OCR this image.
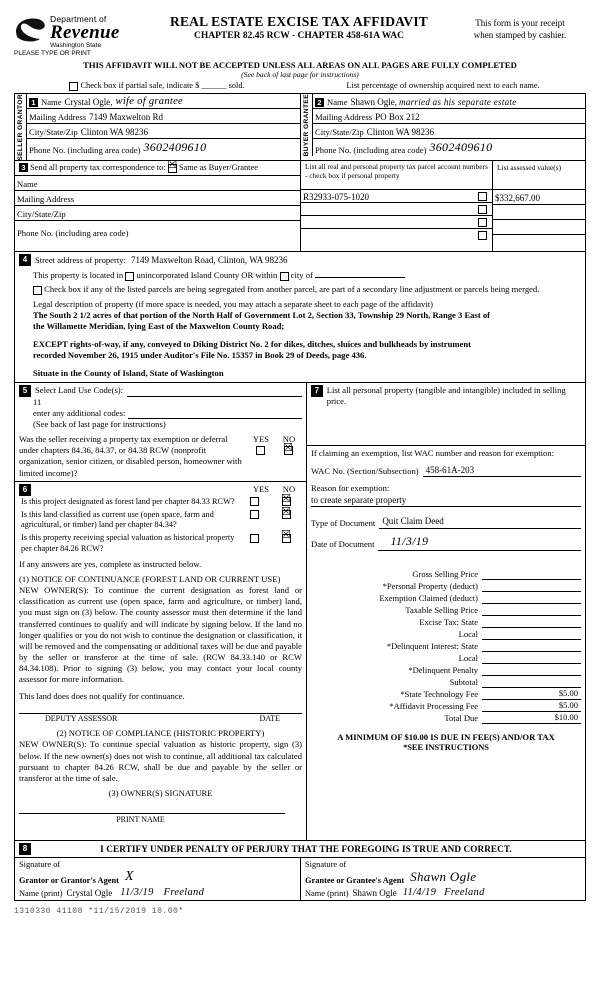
Department of
Revenue
Washington State
PLEASE TYPE OR PRINT
REAL ESTATE EXCISE TAX AFFIDAVIT
CHAPTER 82.45 RCW - CHAPTER 458-61A WAC
This form is your receipt
when stamped by cashier.
THIS AFFIDAVIT WILL NOT BE ACCEPTED UNLESS ALL AREAS ON ALL PAGES ARE FULLY COMPLETED
(See back of last page for instructions)
Check box if partial sale, indicate $ ______ sold.	List percentage of ownership acquired next to each name.
SELLER GRANTOR	1 Name Crystal Ogle, wife of grantee
Mailing Address 7149 Maxwelton Rd
City/State/Zip Clinton WA 98236
Phone No. (including area code) 3602409610	BUYER GRANTEE	2 Name Shawn Ogle, married as his separate estate
Mailing Address PO Box 212
City/State/Zip Clinton WA 98236
Phone No. (including area code) 3602409610
3 Send all property tax correspondence to: ☒ Same as Buyer/Grantee
Name
Mailing Address
City/State/Zip
Phone No. (including area code)
List all real and personal property tax parcel account numbers - check box if personal property
R32933-075-1020
List assessed value(s)
$332,667.00
4 Street address of property: 7149 Maxwelton Road, Clinton, WA 98236
This property is located in unincorporated Island County OR within city of
Check box if any of the listed parcels are being segregated from another parcel, are part of a secondary line adjustment or parcels being merged.
Legal description of property (if more space is needed, you may attach a separate sheet to each page of the affidavit)
The South 2 1/2 acres of that portion of the North Half of Government Lot 2, Section 33, Township 29 North, Range 3 East of
the Willamette Meridian, lying East of the Maxwelton County Road;
EXCEPT rights-of-way, if any, conveyed to Diking District No. 2 for dikes, ditches, sluices and bulkheads by instrument
recorded November 26, 1915 under Auditor's File No. 15357 in Book 29 of Deeds, page 436.
Situate in the County of Island, State of Washington
5 Select Land Use Code(s):
11
enter any additional codes:
(See back of last page for instructions)
Was the seller receiving a property tax exemption or deferral under chapters 84.36, 84.37, or 84.38 RCW (nonprofit organization, senior citizen, or disabled person, homeowner with limited income)?
YES NO
☒
6	YES NO
Is this project designated as forest land per chapter 84.33 RCW?		☒
Is this land classified as current use (open space, farm and agricultural, or timber) land per chapter 84.34?		☒
Is this property receiving special valuation as historical property per chapter 84.26 RCW?		☒
If any answers are yes, complete as instructed below.
(1) NOTICE OF CONTINUANCE (FOREST LAND OR CURRENT USE)
NEW OWNER(S): To continue the current designation as forest land or classification as current use (open space, farm and agriculture, or timber) land, you must sign on (3) below. The county assessor must then determine if the land transferred continues to qualify and will indicate by signing below. If the land no longer qualifies or you do not wish to continue the designation or classification, it will be removed and the compensating or additional taxes will be due and payable by the seller or transferor at the time of sale. (RCW 84.33.140 or RCW 84.34.108). Prior to signing (3) below, you may contact your local county assessor for more information.
This land does does not qualify for continuance.
DEPUTY ASSESSOR	DATE
(2) NOTICE OF COMPLIANCE (HISTORIC PROPERTY)
NEW OWNER(S): To continue special valuation as historic property, sign (3) below. If the new owner(s) does not wish to continue, all additional tax calculated pursuant to chapter 84.26 RCW, shall be due and payable by the seller or transferor at the time of sale.
(3) OWNER(S) SIGNATURE
PRINT NAME
7 List all personal property (tangible and intangible) included in selling price.
If claiming an exemption, list WAC number and reason for exemption:
WAC No. (Section/Subsection) 458-61A-203
Reason for exemption:
to create separate property
Type of Document Quit Claim Deed
Date of Document	11/3/19
Gross Selling Price
*Personal Property (deduct)
Exemption Claimed (deduct)
Taxable Selling Price
Excise Tax: State
Local
*Delinquent Interest: State
Local
*Delinquent Penalty
Subtotal
*State Technology Fee	$5.00
*Affidavit Processing Fee	$5.00
Total Due	$10.00
A MINIMUM OF $10.00 IS DUE IN FEE(S) AND/OR TAX
*SEE INSTRUCTIONS
8	I CERTIFY UNDER PENALTY OF PERJURY THAT THE FOREGOING IS TRUE AND CORRECT.
Signature of
Grantor or Grantor's Agent X
Name (print) Crystal Ogle 11/3/19 Freeland
Signature of
Grantee or Grantee's Agent Shawn Ogle
Name (print) Shawn Ogle 11/4/19 Freeland
1310330 41108 *11/15/2019 10.00*
